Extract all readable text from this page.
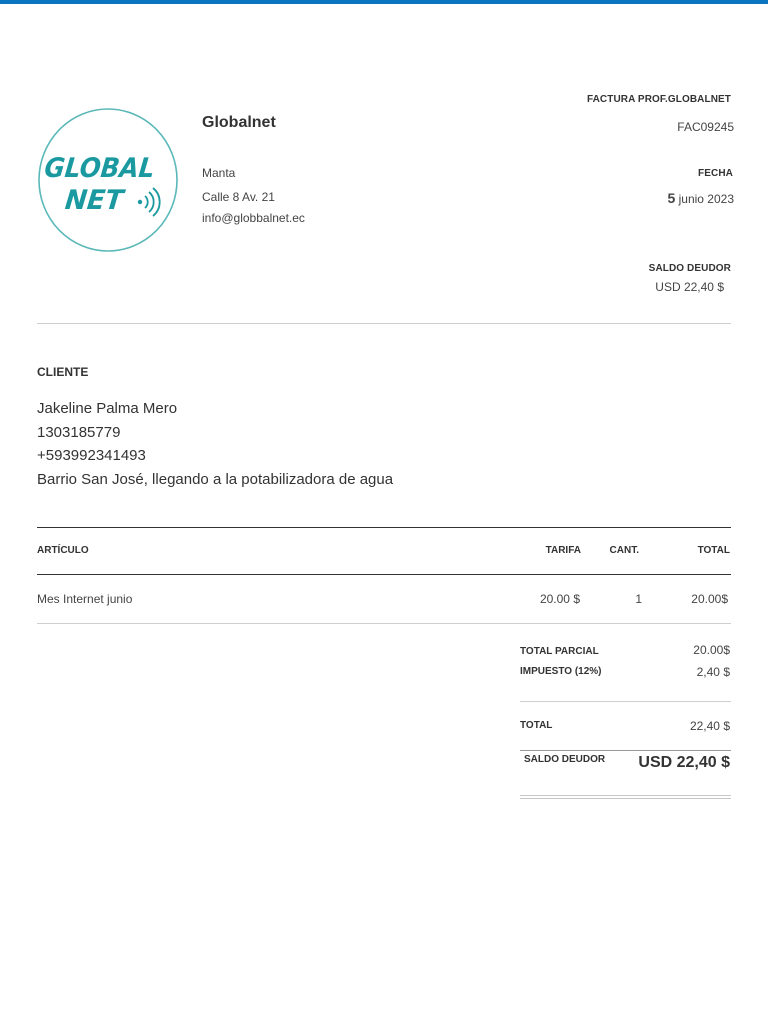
GLOBAL
NET
Globalnet
Manta
Calle 8 Av. 21
info@globbalnet.ec
FACTURA PROF.GLOBALNET
FAC09245
FECHA
5 junio 2023
SALDO DEUDOR
USD 22,40 $
CLIENTE
Jakeline Palma Mero
1303185779
+593992341493
Barrio San José, llegando a la potabilizadora de agua
ARTÍCULO	TARIFA	CANT.	TOTAL
Mes Internet junio	20.00 $	1	20.00$
TOTAL PARCIAL	20.00$
IMPUESTO (12%)	2,40 $
TOTAL	22,40 $
SALDO DEUDOR USD 22,40 $
